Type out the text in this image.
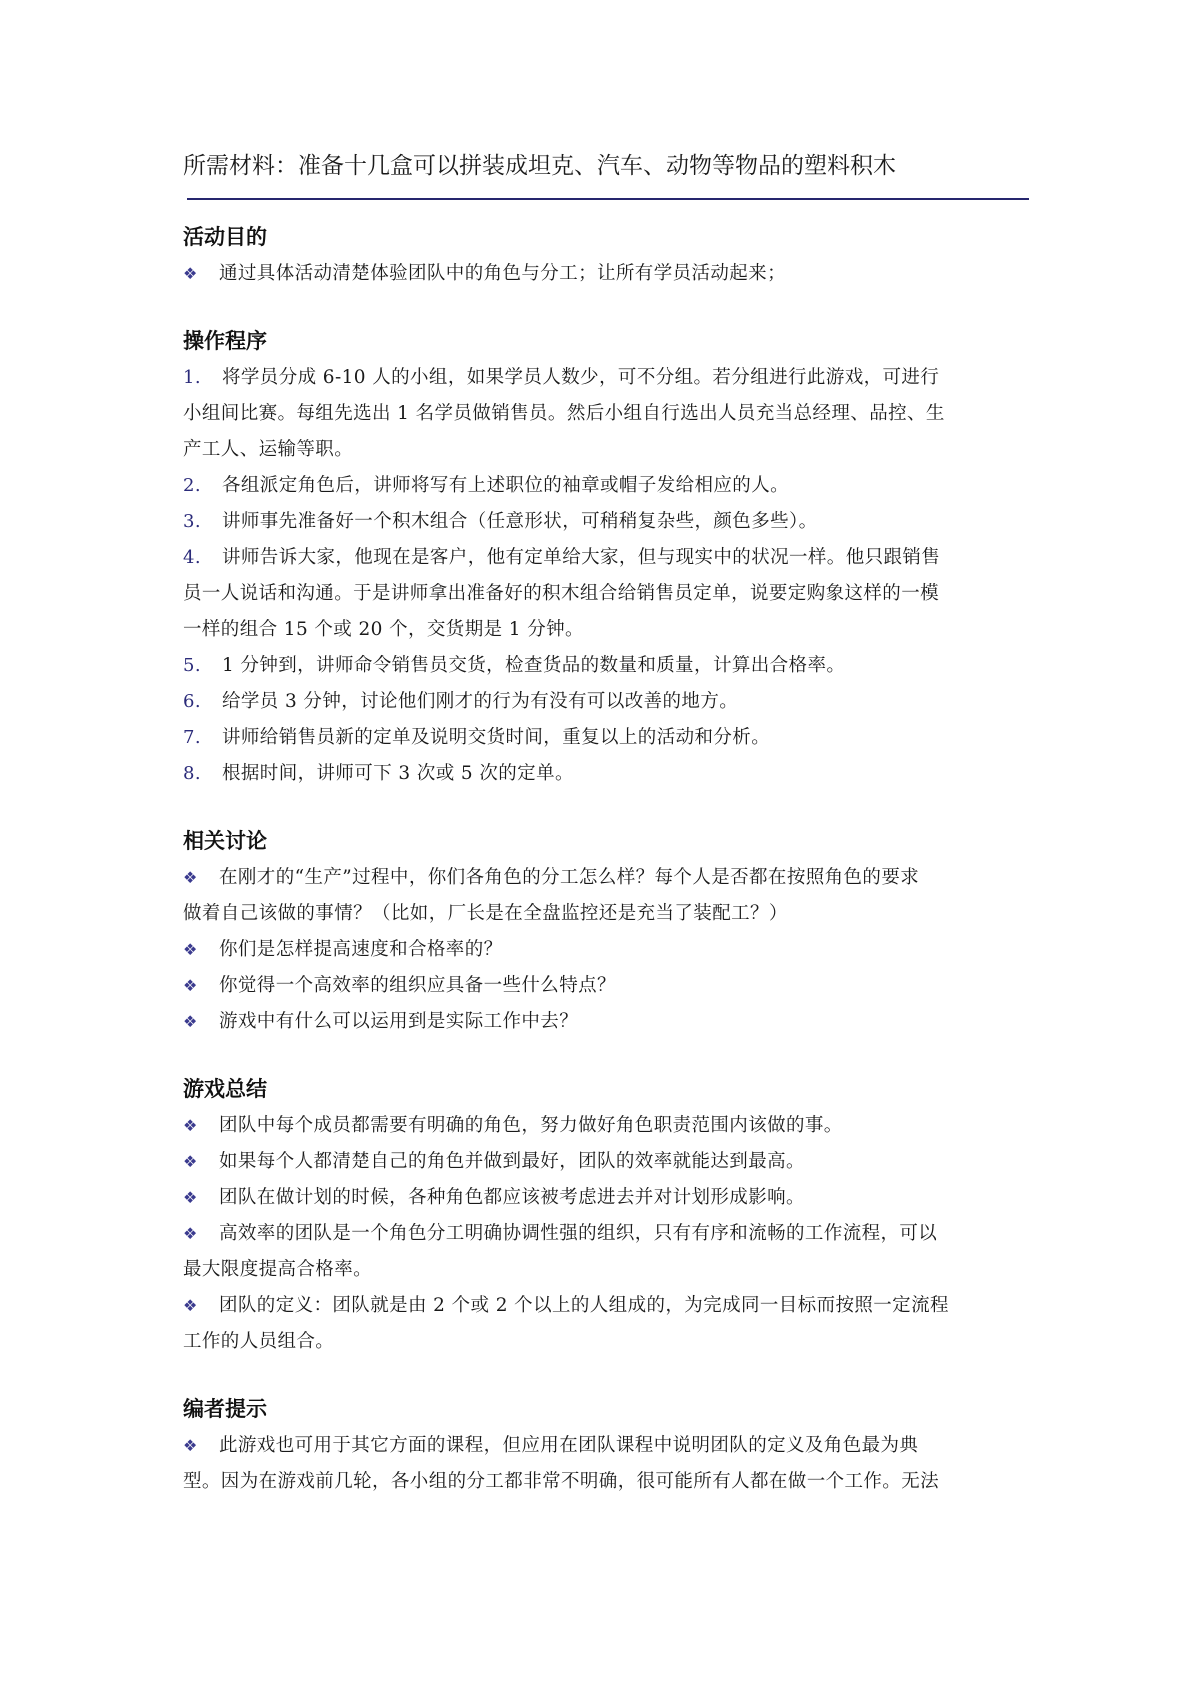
所需材料：准备十几盒可以拼装成坦克、汽车、动物等物品的塑料积木

活动目的

❖ 通过具体活动清楚体验团队中的角色与分工；让所有学员活动起来；

操作程序

1. 将学员分成 6-10 人的小组，如果学员人数少，可不分组。若分组进行此游戏，可进行
小组间比赛。每组先选出 1 名学员做销售员。然后小组自行选出人员充当总经理、品控、生
产工人、运输等职。

2. 各组派定角色后，讲师将写有上述职位的袖章或帽子发给相应的人。

3. 讲师事先准备好一个积木组合（任意形状，可稍稍复杂些，颜色多些）。

4. 讲师告诉大家，他现在是客户，他有定单给大家，但与现实中的状况一样。他只跟销售
员一人说话和沟通。于是讲师拿出准备好的积木组合给销售员定单，说要定购象这样的一模
一样的组合 15 个或 20 个，交货期是 1 分钟。

5. 1 分钟到，讲师命令销售员交货，检查货品的数量和质量，计算出合格率。

6. 给学员 3 分钟，讨论他们刚才的行为有没有可以改善的地方。

7. 讲师给销售员新的定单及说明交货时间，重复以上的活动和分析。

8. 根据时间，讲师可下 3 次或 5 次的定单。

相关讨论

❖ 在刚才的“生产”过程中，你们各角色的分工怎么样？每个人是否都在按照角色的要求
做着自己该做的事情？（比如，厂长是在全盘监控还是充当了装配工？）

❖ 你们是怎样提高速度和合格率的？

❖ 你觉得一个高效率的组织应具备一些什么特点？

❖ 游戏中有什么可以运用到是实际工作中去？

游戏总结

❖ 团队中每个成员都需要有明确的角色，努力做好角色职责范围内该做的事。

❖ 如果每个人都清楚自己的角色并做到最好，团队的效率就能达到最高。

❖ 团队在做计划的时候，各种角色都应该被考虑进去并对计划形成影响。

❖ 高效率的团队是一个角色分工明确协调性强的组织，只有有序和流畅的工作流程，可以
最大限度提高合格率。

❖ 团队的定义：团队就是由 2 个或 2 个以上的人组成的，为完成同一目标而按照一定流程
工作的人员组合。

编者提示

❖ 此游戏也可用于其它方面的课程，但应用在团队课程中说明团队的定义及角色最为典
型。因为在游戏前几轮，各小组的分工都非常不明确，很可能所有人都在做一个工作。无法
